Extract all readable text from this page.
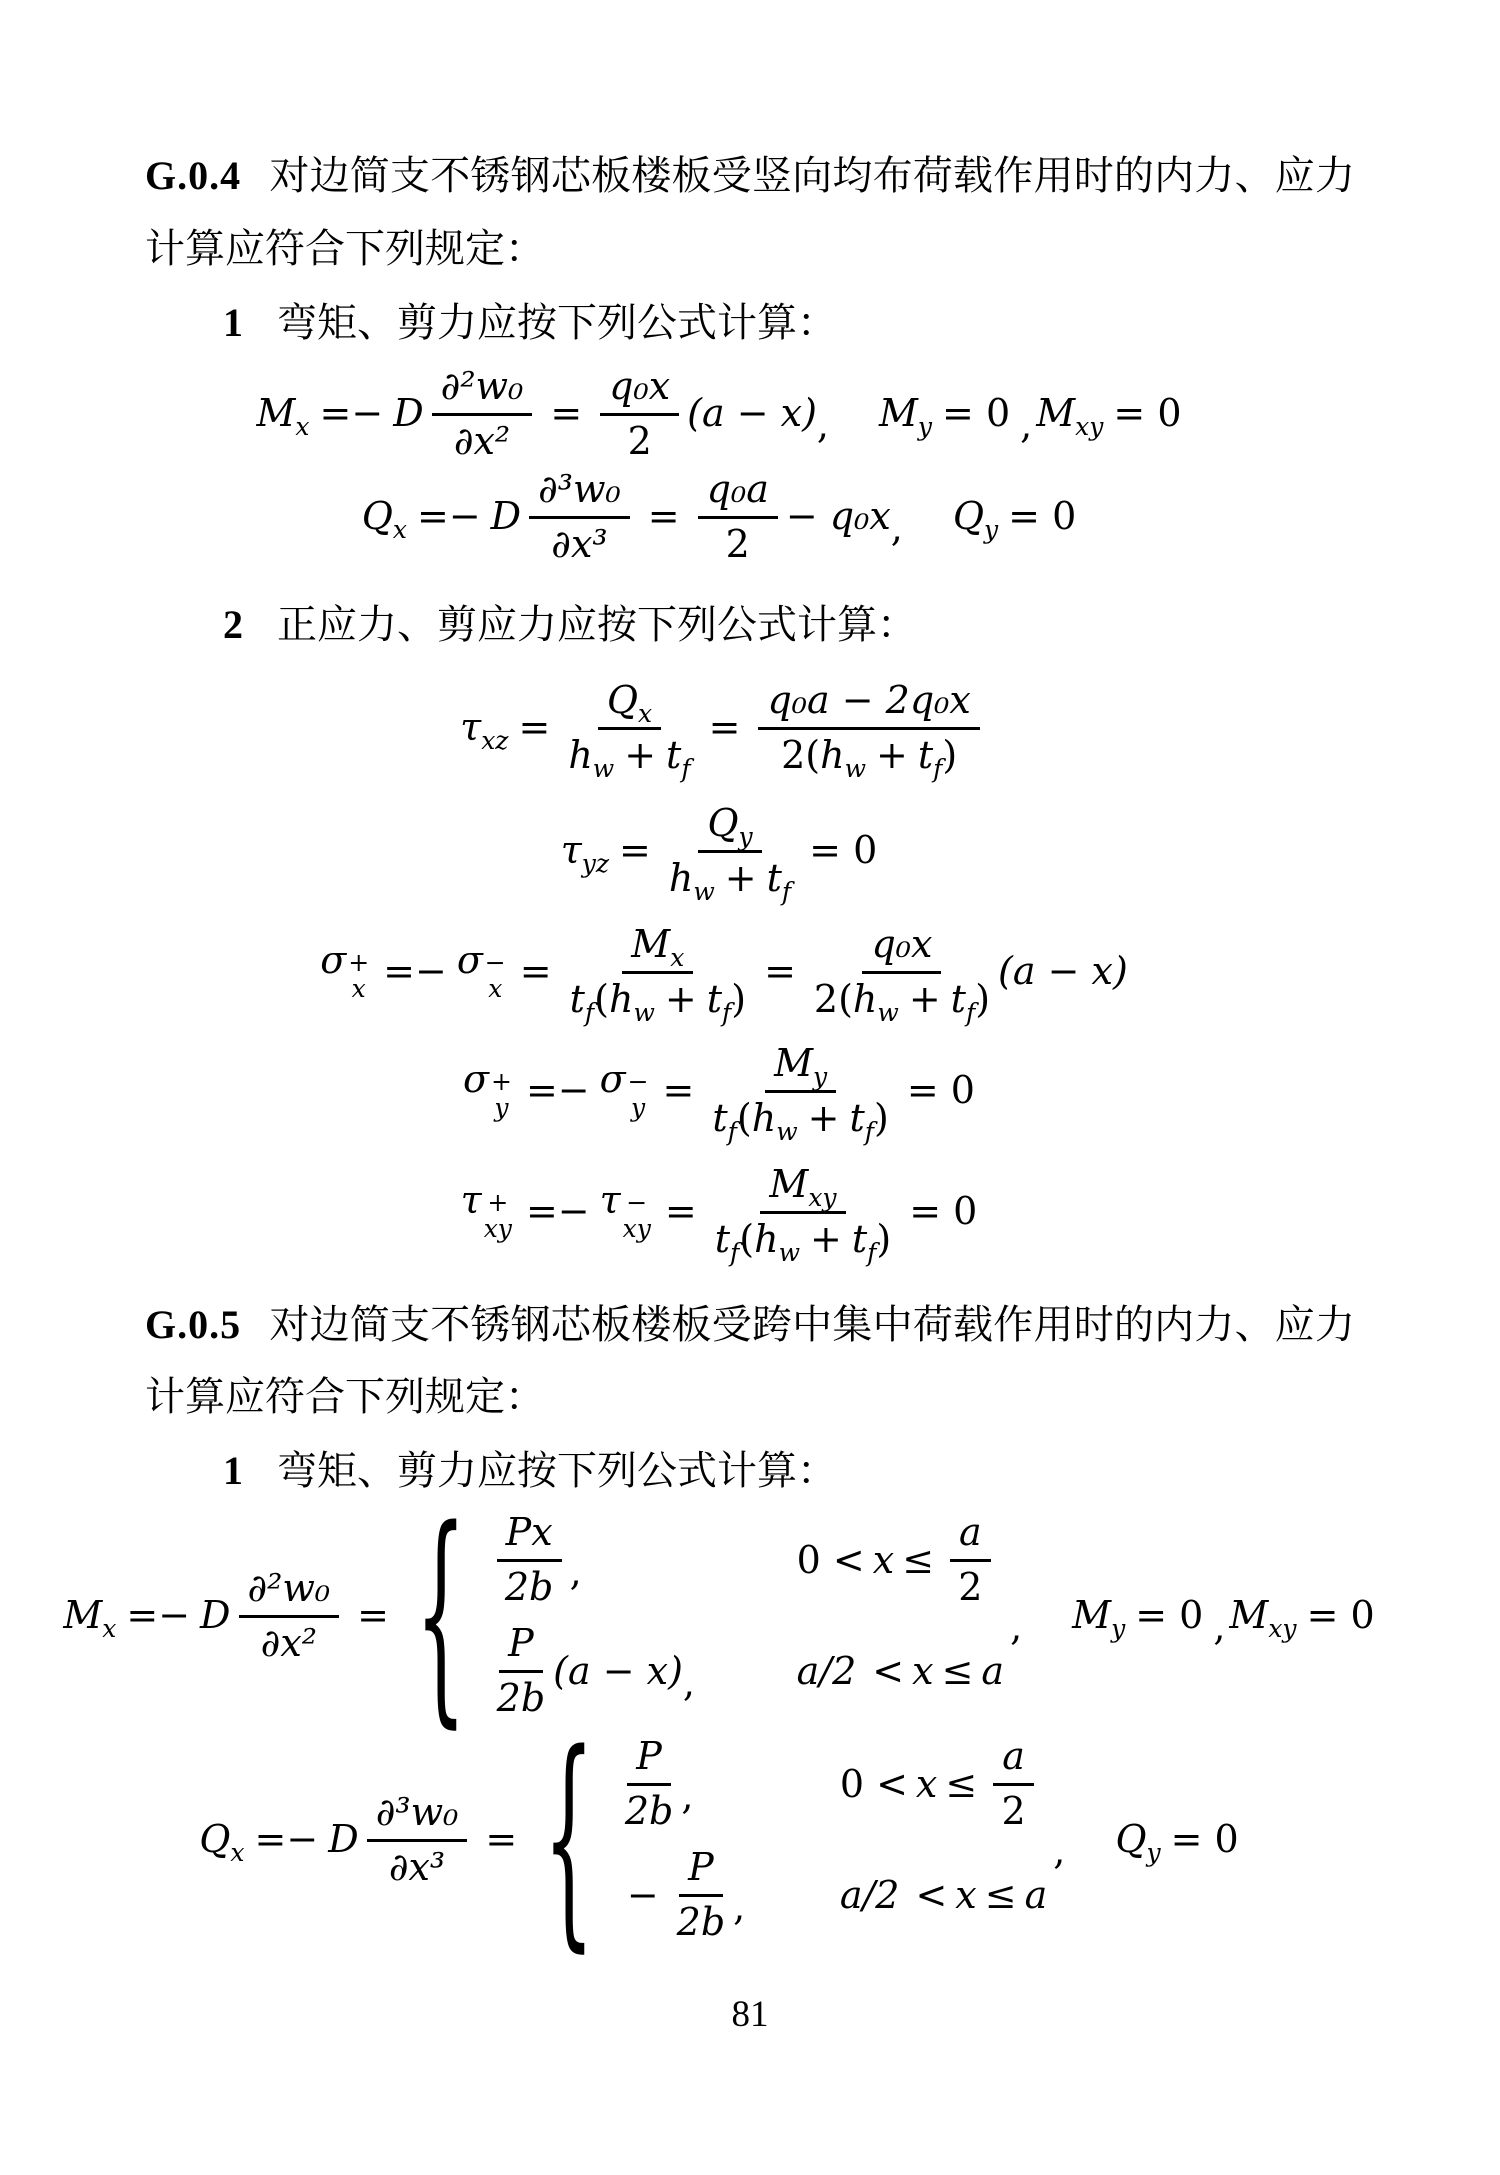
G.0.4 对边简支不锈钢芯板楼板受竖向均布荷载作用时的内力、应力计算应符合下列规定：

1 弯矩、剪力应按下列公式计算：

$M_x =- D \frac{\text{∂²w₀}}{\text{∂x²}} = \frac{\text{q₀x}}{2} (a - x)$ , $M_y = 0$ , $M_{xy} = 0$
$Q_x =- D \frac{\text{∂³w₀}}{\text{∂x³}} = \frac{\text{q₀a}}{2} - q_0x$ , $Q_y = 0$

2 正应力、剪应力应按下列公式计算：

$\tau_{xz} = \frac{Q_x}{h_w + t_f} = \frac{\text{q₀a − 2q₀x}}{2(h_w + t_f)}$
$\tau_{yz} = \frac{Q_y}{h_w + t_f} = 0$
σ +
x =− σ −
$x = \frac{M_x}{t_f(h_w + t_f)} = \frac{\text{q₀x}}{2(h_w + t_f)} (a - x)$
σ +
y =− σ −
$y = \frac{M_y}{t_f(h_w + t_f)} = 0$
τ +
xy =− τ −
xy = $\frac{M_{xy}}{t_f(h_w + t_f)} = 0$

G.0.5 对边简支不锈钢芯板楼板受跨中集中荷载作用时的内力、应力计算应符合下列规定：

1 弯矩、剪力应按下列公式计算：

$M_x =- D \frac{\text{∂²w₀}}{\text{∂x²}}$ = { $\frac{Px}{2b}$ ,	$0 < x \le \frac{a}{2}$
$\frac{P}{2b} (a - x)$ ,	a/2 < x ≤ a
, $M_y = 0$ , $M_{xy} = 0$
$Q_x =- D \frac{\text{∂³w₀}}{\text{∂x³}}$ = { $\frac{P}{2b}$ ,	$0 < x \le \frac{a}{2}$
− $\frac{P}{2b}$ , a/2 < x ≤ a
, $Q_y = 0$
81
